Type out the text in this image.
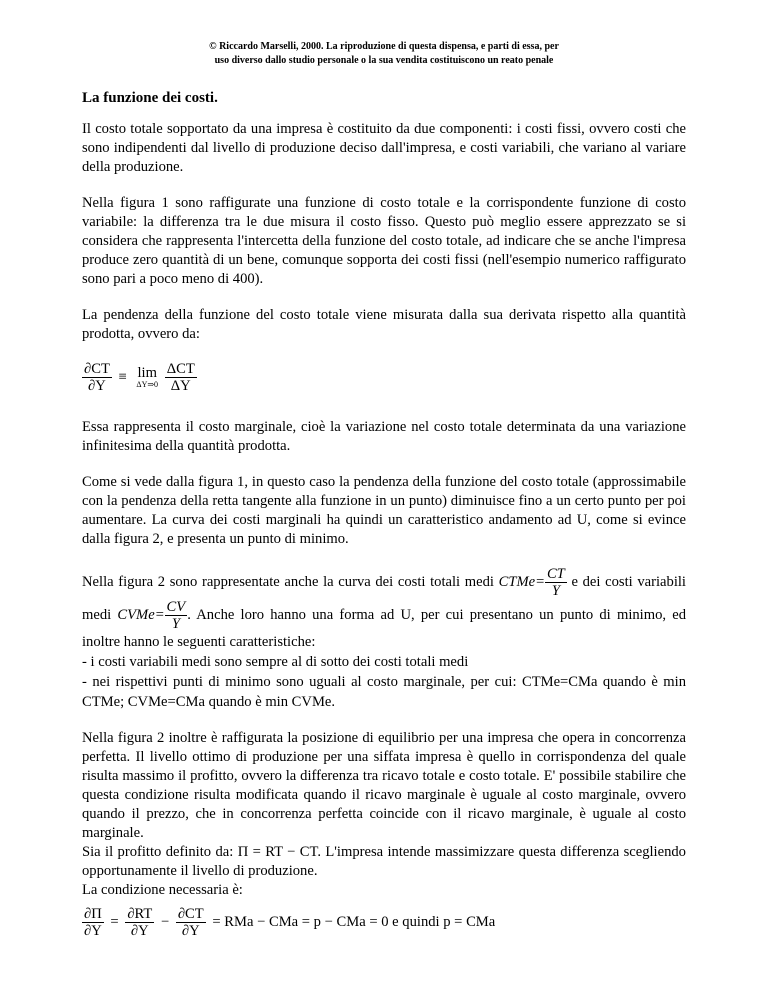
© Riccardo Marselli, 2000. La riproduzione di questa dispensa, e parti di essa, per
uso diverso dallo studio personale o la sua vendita costituiscono un reato penale
La funzione dei costi.

Il costo totale sopportato da una impresa è costituito da due componenti: i costi fissi, ovvero costi che sono indipendenti dal livello di produzione deciso dall'impresa, e costi variabili, che variano al variare della produzione.

Nella figura 1 sono raffigurate una funzione di costo totale e la corrispondente funzione di costo variabile: la differenza tra le due misura il costo fisso. Questo può meglio essere apprezzato se si considera che rappresenta l'intercetta della funzione del costo totale, ad indicare che se anche l'impresa produce zero quantità di un bene, comunque sopporta dei costi fissi (nell'esempio numerico raffigurato sono pari a poco meno di 400).

La pendenza della funzione del costo totale viene misurata dalla sua derivata rispetto alla quantità prodotta, ovvero da:

$\frac{\partial CT}{\partial Y} \equiv \lim$
ΔY⇒0
$\frac{\text{ΔCT}}{\Delta Y}$

Essa rappresenta il costo marginale, cioè la variazione nel costo totale determinata da una variazione infinitesima della quantità prodotta.

Come si vede dalla figura 1, in questo caso la pendenza della funzione del costo totale (approssimabile con la pendenza della retta tangente alla funzione in un punto) diminuisce fino a un certo punto per poi aumentare. La curva dei costi marginali ha quindi un caratteristico andamento ad U, come si evince dalla figura 2, e presenta un punto di minimo.

Nella figura 2 sono rappresentate anche la curva dei costi totali medi CTMe= $\frac{CT}{Y}$ e dei costi variabili medi CVMe= $\frac{CV}{Y}$ . Anche loro hanno una forma ad U, per cui presentano un punto di minimo, ed inoltre hanno le seguenti caratteristiche:
- i costi variabili medi sono sempre al di sotto dei costi totali medi
- nei rispettivi punti di minimo sono uguali al costo marginale, per cui: CTMe=CMa quando è min CTMe; CVMe=CMa quando è min CVMe.

Nella figura 2 inoltre è raffigurata la posizione di equilibrio per una impresa che opera in concorrenza perfetta. Il livello ottimo di produzione per una siffata impresa è quello in corrispondenza del quale risulta massimo il profitto, ovvero la differenza tra ricavo totale e costo totale. E' possibile stabilire che questa condizione risulta modificata quando il ricavo marginale è uguale al costo marginale, ovvero quando il prezzo, che in concorrenza perfetta coincide con il ricavo marginale, è uguale al costo marginale.
Sia il profitto definito da: Π = RT − CT. L'impresa intende massimizzare questa differenza scegliendo opportunamente il livello di produzione.
La condizione necessaria è:

$\frac{\partial\Pi}{\partial Y} = \frac{\partial RT}{\partial Y} - \frac{\partial CT}{\partial Y}$ = RMa − CMa = p − CMa = 0 e quindi p = CMa
